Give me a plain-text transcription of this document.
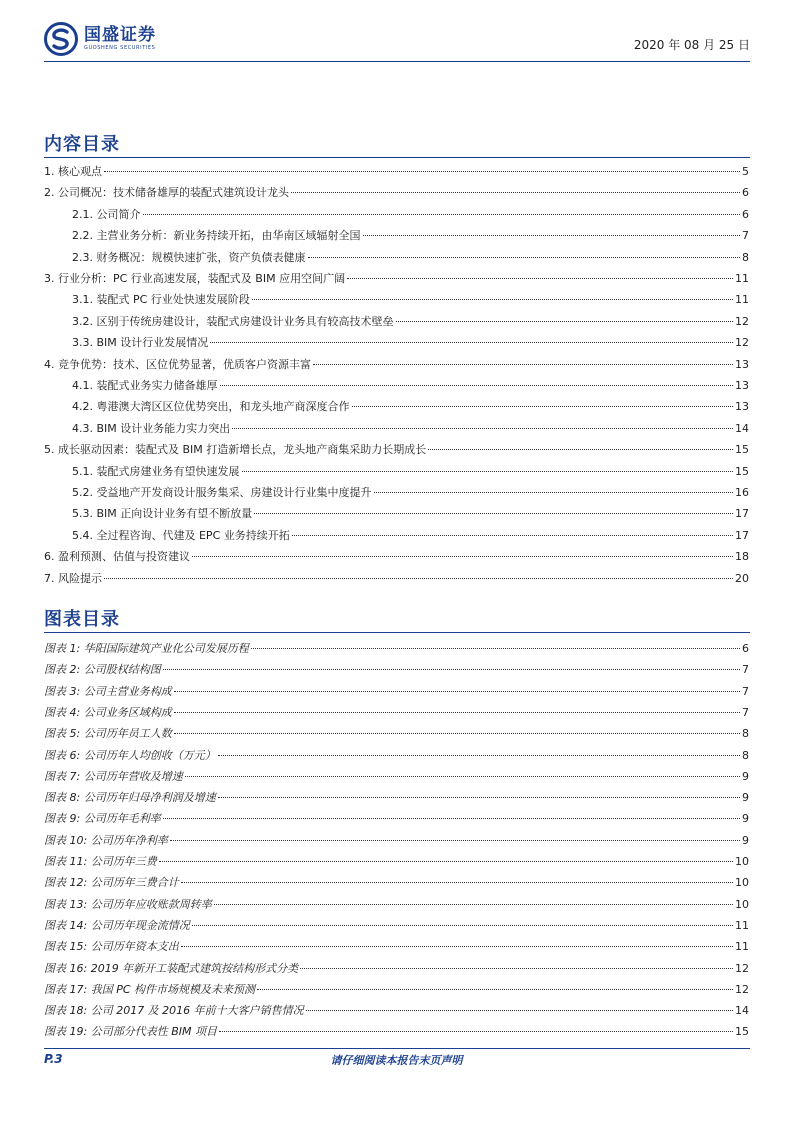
国盛证券
GUOSHENG SECURITIES	2020 年 08 月 25 日
内容目录
1. 核心观点	5
2. 公司概况：技术储备雄厚的装配式建筑设计龙头	6
2.1. 公司简介	6
2.2. 主营业务分析：新业务持续开拓，由华南区域辐射全国	7
2.3. 财务概况：规模快速扩张，资产负债表健康	8
3. 行业分析：PC 行业高速发展，装配式及 BIM 应用空间广阔	11
3.1. 装配式 PC 行业处快速发展阶段	11
3.2. 区别于传统房建设计，装配式房建设计业务具有较高技术壁垒	12
3.3. BIM 设计行业发展情况	12
4. 竞争优势：技术、区位优势显著，优质客户资源丰富	13
4.1. 装配式业务实力储备雄厚	13
4.2. 粤港澳大湾区区位优势突出，和龙头地产商深度合作	13
4.3. BIM 设计业务能力实力突出	14
5. 成长驱动因素：装配式及 BIM 打造新增长点，龙头地产商集采助力长期成长	15
5.1. 装配式房建业务有望快速发展	15
5.2. 受益地产开发商设计服务集采、房建设计行业集中度提升	16
5.3. BIM 正向设计业务有望不断放量	17
5.4. 全过程咨询、代建及 EPC 业务持续开拓	17
6. 盈利预测、估值与投资建议	18
7. 风险提示	20
图表目录
图表 1: 华阳国际建筑产业化公司发展历程	6
图表 2: 公司股权结构图	7
图表 3: 公司主营业务构成	7
图表 4: 公司业务区域构成	7
图表 5: 公司历年员工人数	8
图表 6: 公司历年人均创收（万元）	8
图表 7: 公司历年营收及增速	9
图表 8: 公司历年归母净利润及增速	9
图表 9: 公司历年毛利率	9
图表 10: 公司历年净利率	9
图表 11: 公司历年三费	10
图表 12: 公司历年三费合计	10
图表 13: 公司历年应收账款周转率	10
图表 14: 公司历年现金流情况	11
图表 15: 公司历年资本支出	11
图表 16: 2019 年新开工装配式建筑按结构形式分类	12
图表 17: 我国 PC 构件市场规模及未来预测	12
图表 18: 公司 2017 及 2016 年前十大客户销售情况	14
图表 19: 公司部分代表性 BIM 项目	15
P.3	请仔细阅读本报告末页声明
